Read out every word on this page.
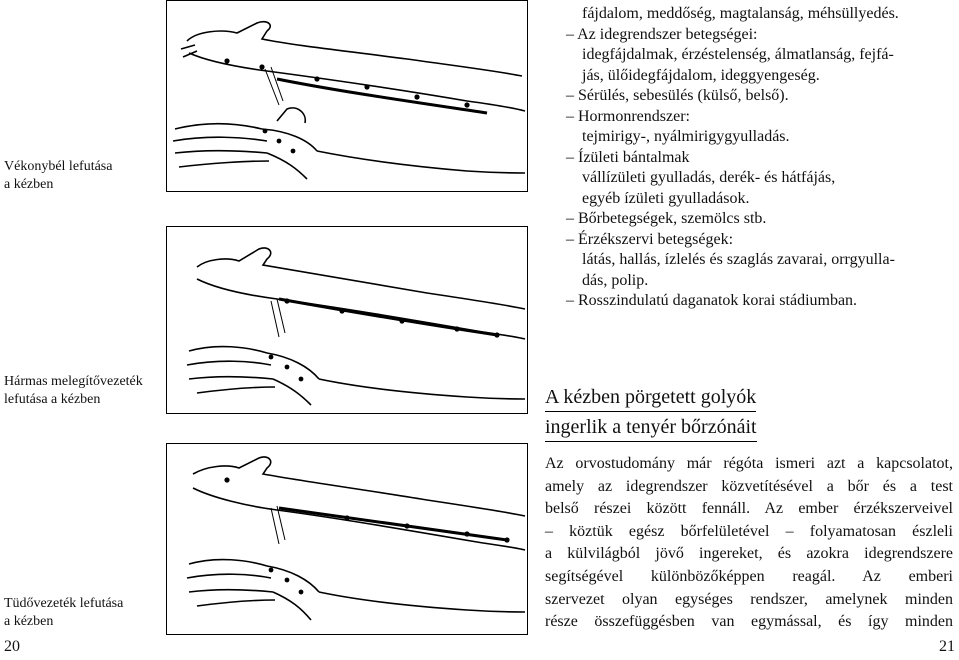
Vékonybél lefutása
a kézben
Hármas melegítővezeték
lefutása a kézben
Tüdővezeték lefutása
a kézben
fájdalom, meddőség, magtalanság, méhsüllyedés.
– Az idegrendszer betegségei:
idegfájdalmak, érzéstelenség, álmatlanság, fejfá-
jás, ülőidegfájdalom, ideggyengeség.
– Sérülés, sebesülés (külső, belső).
– Hormonrendszer:
tejmirigy-, nyálmirigygyulladás.
– Ízületi bántalmak
vállízületi gyulladás, derék- és hátfájás,
egyéb ízületi gyulladások.
– Bőrbetegségek, szemölcs stb.
– Érzékszervi betegségek:
látás, hallás, ízlelés és szaglás zavarai, orrgyulla-
dás, polip.
– Rosszindulatú daganatok korai stádiumban.
A kézben pörgetett golyók
ingerlik a tenyér bőrzónáit
Az orvostudomány már régóta ismeri azt a kapcsolatot,
amely az idegrendszer közvetítésével a bőr és a test
belső részei között fennáll. Az ember érzékszerveivel
– köztük egész bőrfelületével – folyamatosan észleli
a külvilágból jövő ingereket, és azokra idegrendszere
segítségével különbözőképpen reagál. Az emberi
szervezet olyan egységes rendszer, amelynek minden
része összefüggésben van egymással, és így minden
20	21
